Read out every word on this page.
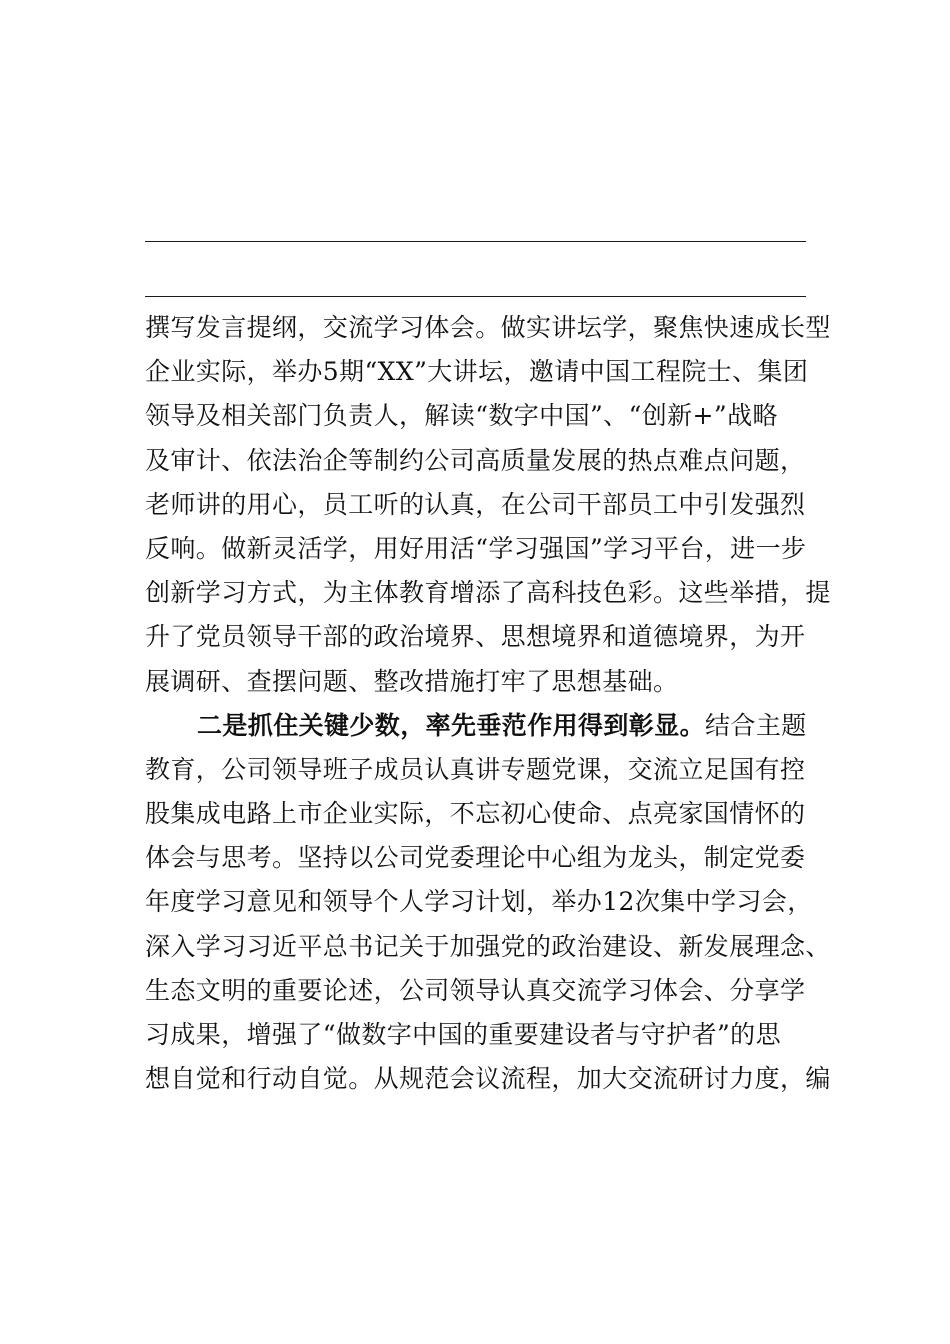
撰写发言提纲，交流学习体会。做实讲坛学，聚焦快速成长型
企业实际，举办5期“XX”大讲坛，邀请中国工程院士、集团
领导及相关部门负责人，解读“数字中国”、“创新+”战略
及审计、依法治企等制约公司高质量发展的热点难点问题，
老师讲的用心，员工听的认真，在公司干部员工中引发强烈
反响。做新灵活学，用好用活“学习强国”学习平台，进一步
创新学习方式，为主体教育增添了高科技色彩。这些举措，提
升了党员领导干部的政治境界、思想境界和道德境界，为开
展调研、查摆问题、整改措施打牢了思想基础。
二是抓住关键少数，率先垂范作用得到彰显。结合主题
教育，公司领导班子成员认真讲专题党课，交流立足国有控
股集成电路上市企业实际，不忘初心使命、点亮家国情怀的
体会与思考。坚持以公司党委理论中心组为龙头，制定党委
年度学习意见和领导个人学习计划，举办12次集中学习会，
深入学习习近平总书记关于加强党的政治建设、新发展理念、
生态文明的重要论述，公司领导认真交流学习体会、分享学
习成果，增强了“做数字中国的重要建设者与守护者”的思
想自觉和行动自觉。从规范会议流程，加大交流研讨力度，编
